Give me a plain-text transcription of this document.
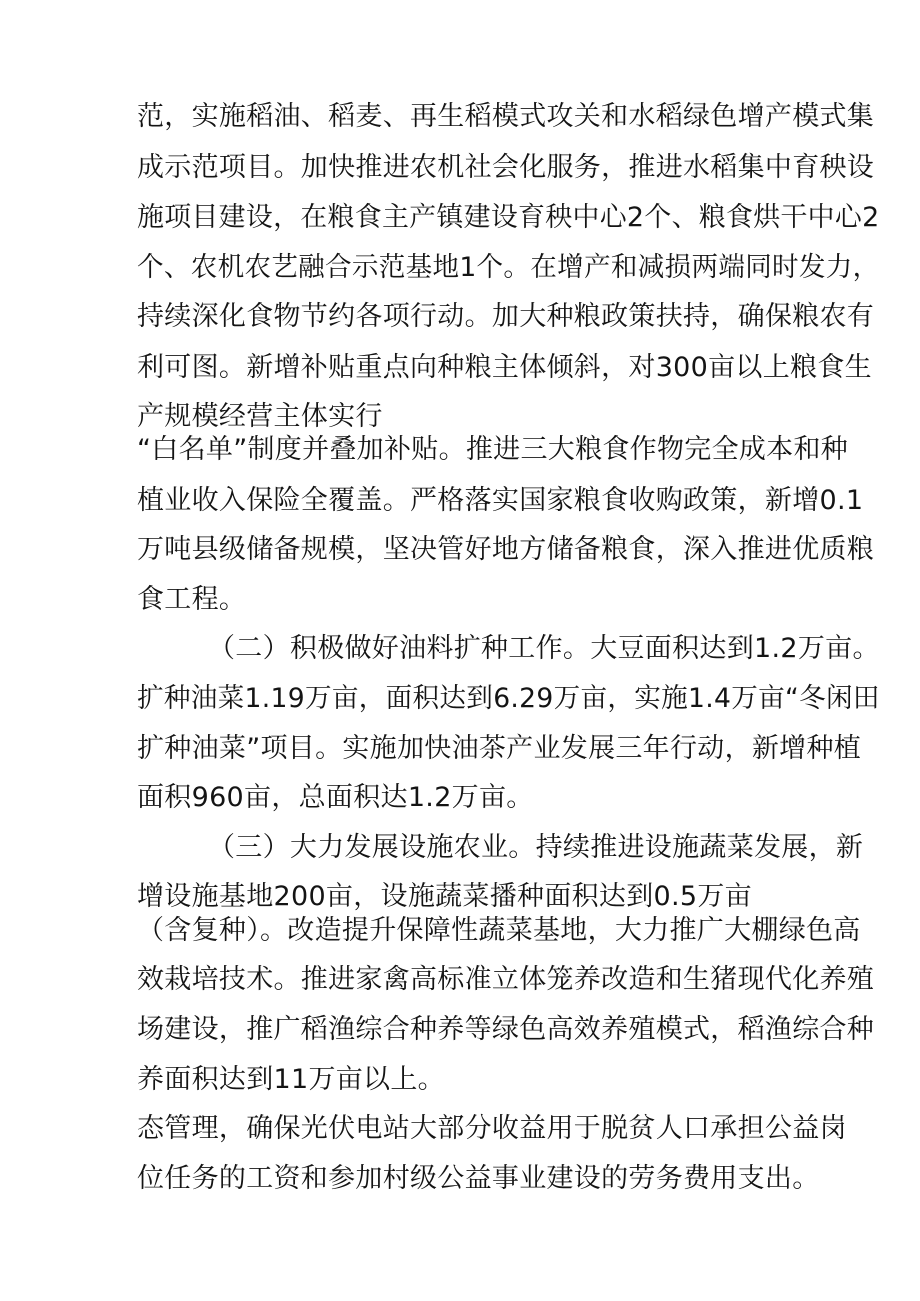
范，实施稻油、稻麦、再生稻模式攻关和水稻绿色增产模式集
成示范项目。加快推进农机社会化服务，推进水稻集中育秧设
施项目建设，在粮食主产镇建设育秧中心2个、粮食烘干中心2
个、农机农艺融合示范基地1个。在增产和减损两端同时发力，
持续深化食物节约各项行动。加大种粮政策扶持，确保粮农有
利可图。新增补贴重点向种粮主体倾斜，对300亩以上粮食生
产规模经营主体实行
“白名单”制度并叠加补贴。推进三大粮食作物完全成本和种
植业收入保险全覆盖。严格落实国家粮食收购政策，新增0.1
万吨县级储备规模，坚决管好地方储备粮食，深入推进优质粮
食工程。
（二）积极做好油料扩种工作。大豆面积达到1.2万亩。
扩种油菜1.19万亩，面积达到6.29万亩，实施1.4万亩“冬闲田
扩种油菜”项目。实施加快油茶产业发展三年行动，新增种植
面积960亩，总面积达1.2万亩。
（三）大力发展设施农业。持续推进设施蔬菜发展，新
增设施基地200亩，设施蔬菜播种面积达到0.5万亩
（含复种）。改造提升保障性蔬菜基地，大力推广大棚绿色高
效栽培技术。推进家禽高标准立体笼养改造和生猪现代化养殖
场建设，推广稻渔综合种养等绿色高效养殖模式，稻渔综合种
养面积达到11万亩以上。
态管理，确保光伏电站大部分收益用于脱贫人口承担公益岗
位任务的工资和参加村级公益事业建设的劳务费用支出。
